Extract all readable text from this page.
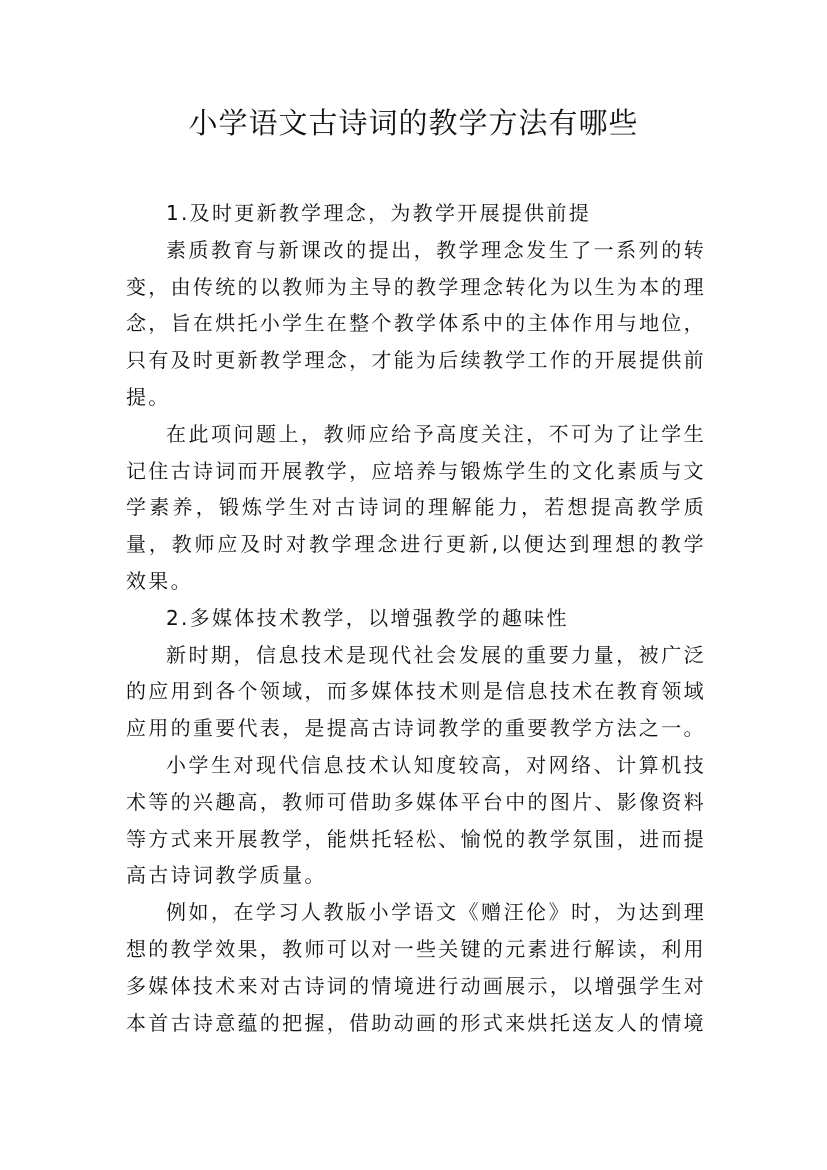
小学语文古诗词的教学方法有哪些

1.及时更新教学理念，为教学开展提供前提

素质教育与新课改的提出，教学理念发生了一系列的转变，由传统的以教师为主导的教学理念转化为以生为本的理念，旨在烘托小学生在整个教学体系中的主体作用与地位，只有及时更新教学理念，才能为后续教学工作的开展提供前提。

在此项问题上，教师应给予高度关注，不可为了让学生记住古诗词而开展教学，应培养与锻炼学生的文化素质与文学素养，锻炼学生对古诗词的理解能力，若想提高教学质量，教师应及时对教学理念进行更新,以便达到理想的教学效果。

2.多媒体技术教学，以增强教学的趣味性

新时期，信息技术是现代社会发展的重要力量，被广泛的应用到各个领域，而多媒体技术则是信息技术在教育领域应用的重要代表，是提高古诗词教学的重要教学方法之一。

小学生对现代信息技术认知度较高，对网络、计算机技术等的兴趣高，教师可借助多媒体平台中的图片、影像资料等方式来开展教学，能烘托轻松、愉悦的教学氛围，进而提高古诗词教学质量。

例如，在学习人教版小学语文《赠汪伦》时，为达到理想的教学效果，教师可以对一些关键的元素进行解读，利用多媒体技术来对古诗词的情境进行动画展示，以增强学生对本首古诗意蕴的把握，借助动画的形式来烘托送友人的情境
